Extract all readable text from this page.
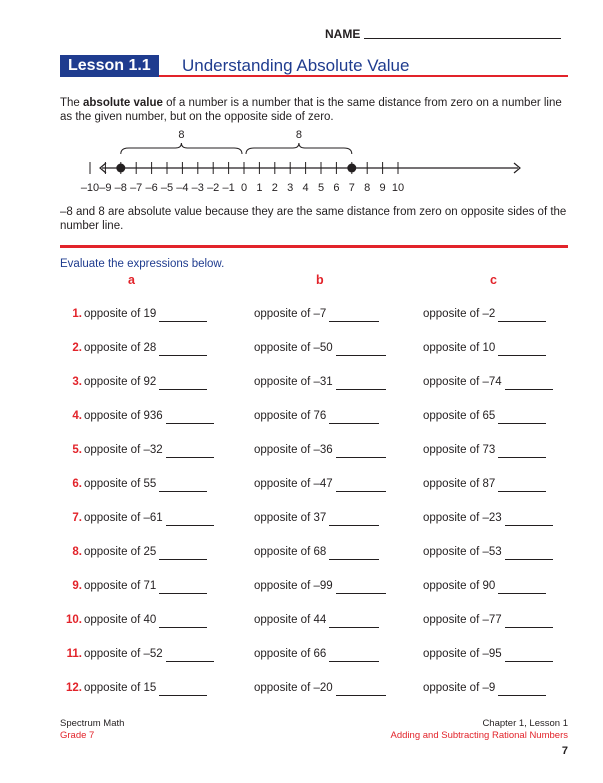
NAME
Lesson 1.1	Understanding Absolute Value
The absolute value of a number is a number that is the same distance from zero on a number line as the given number, but on the opposite side of zero.
–10 –9 –8 –7 –6 –5 –4 –3 –2 –1 0 1 2 3 4 5 6 7 8 9 10
8	8
–8 and 8 are absolute value because they are the same distance from zero on opposite sides of the number line.
Evaluate the expressions below.
a	b	c
1. opposite of 19	opposite of –7	opposite of –2
2. opposite of 28	opposite of –50	opposite of 10
3. opposite of 92	opposite of –31	opposite of –74
4. opposite of 936	opposite of 76	opposite of 65
5. opposite of –32	opposite of –36	opposite of 73
6. opposite of 55	opposite of –47	opposite of 87
7. opposite of –61	opposite of 37	opposite of –23
8. opposite of 25	opposite of 68	opposite of –53
9. opposite of 71	opposite of –99	opposite of 90
10. opposite of 40	opposite of 44	opposite of –77
11. opposite of –52	opposite of 66	opposite of –95
12. opposite of 15	opposite of –20	opposite of –9
Spectrum Math
Grade 7
Chapter 1, Lesson 1
Adding and Subtracting Rational Numbers
7
